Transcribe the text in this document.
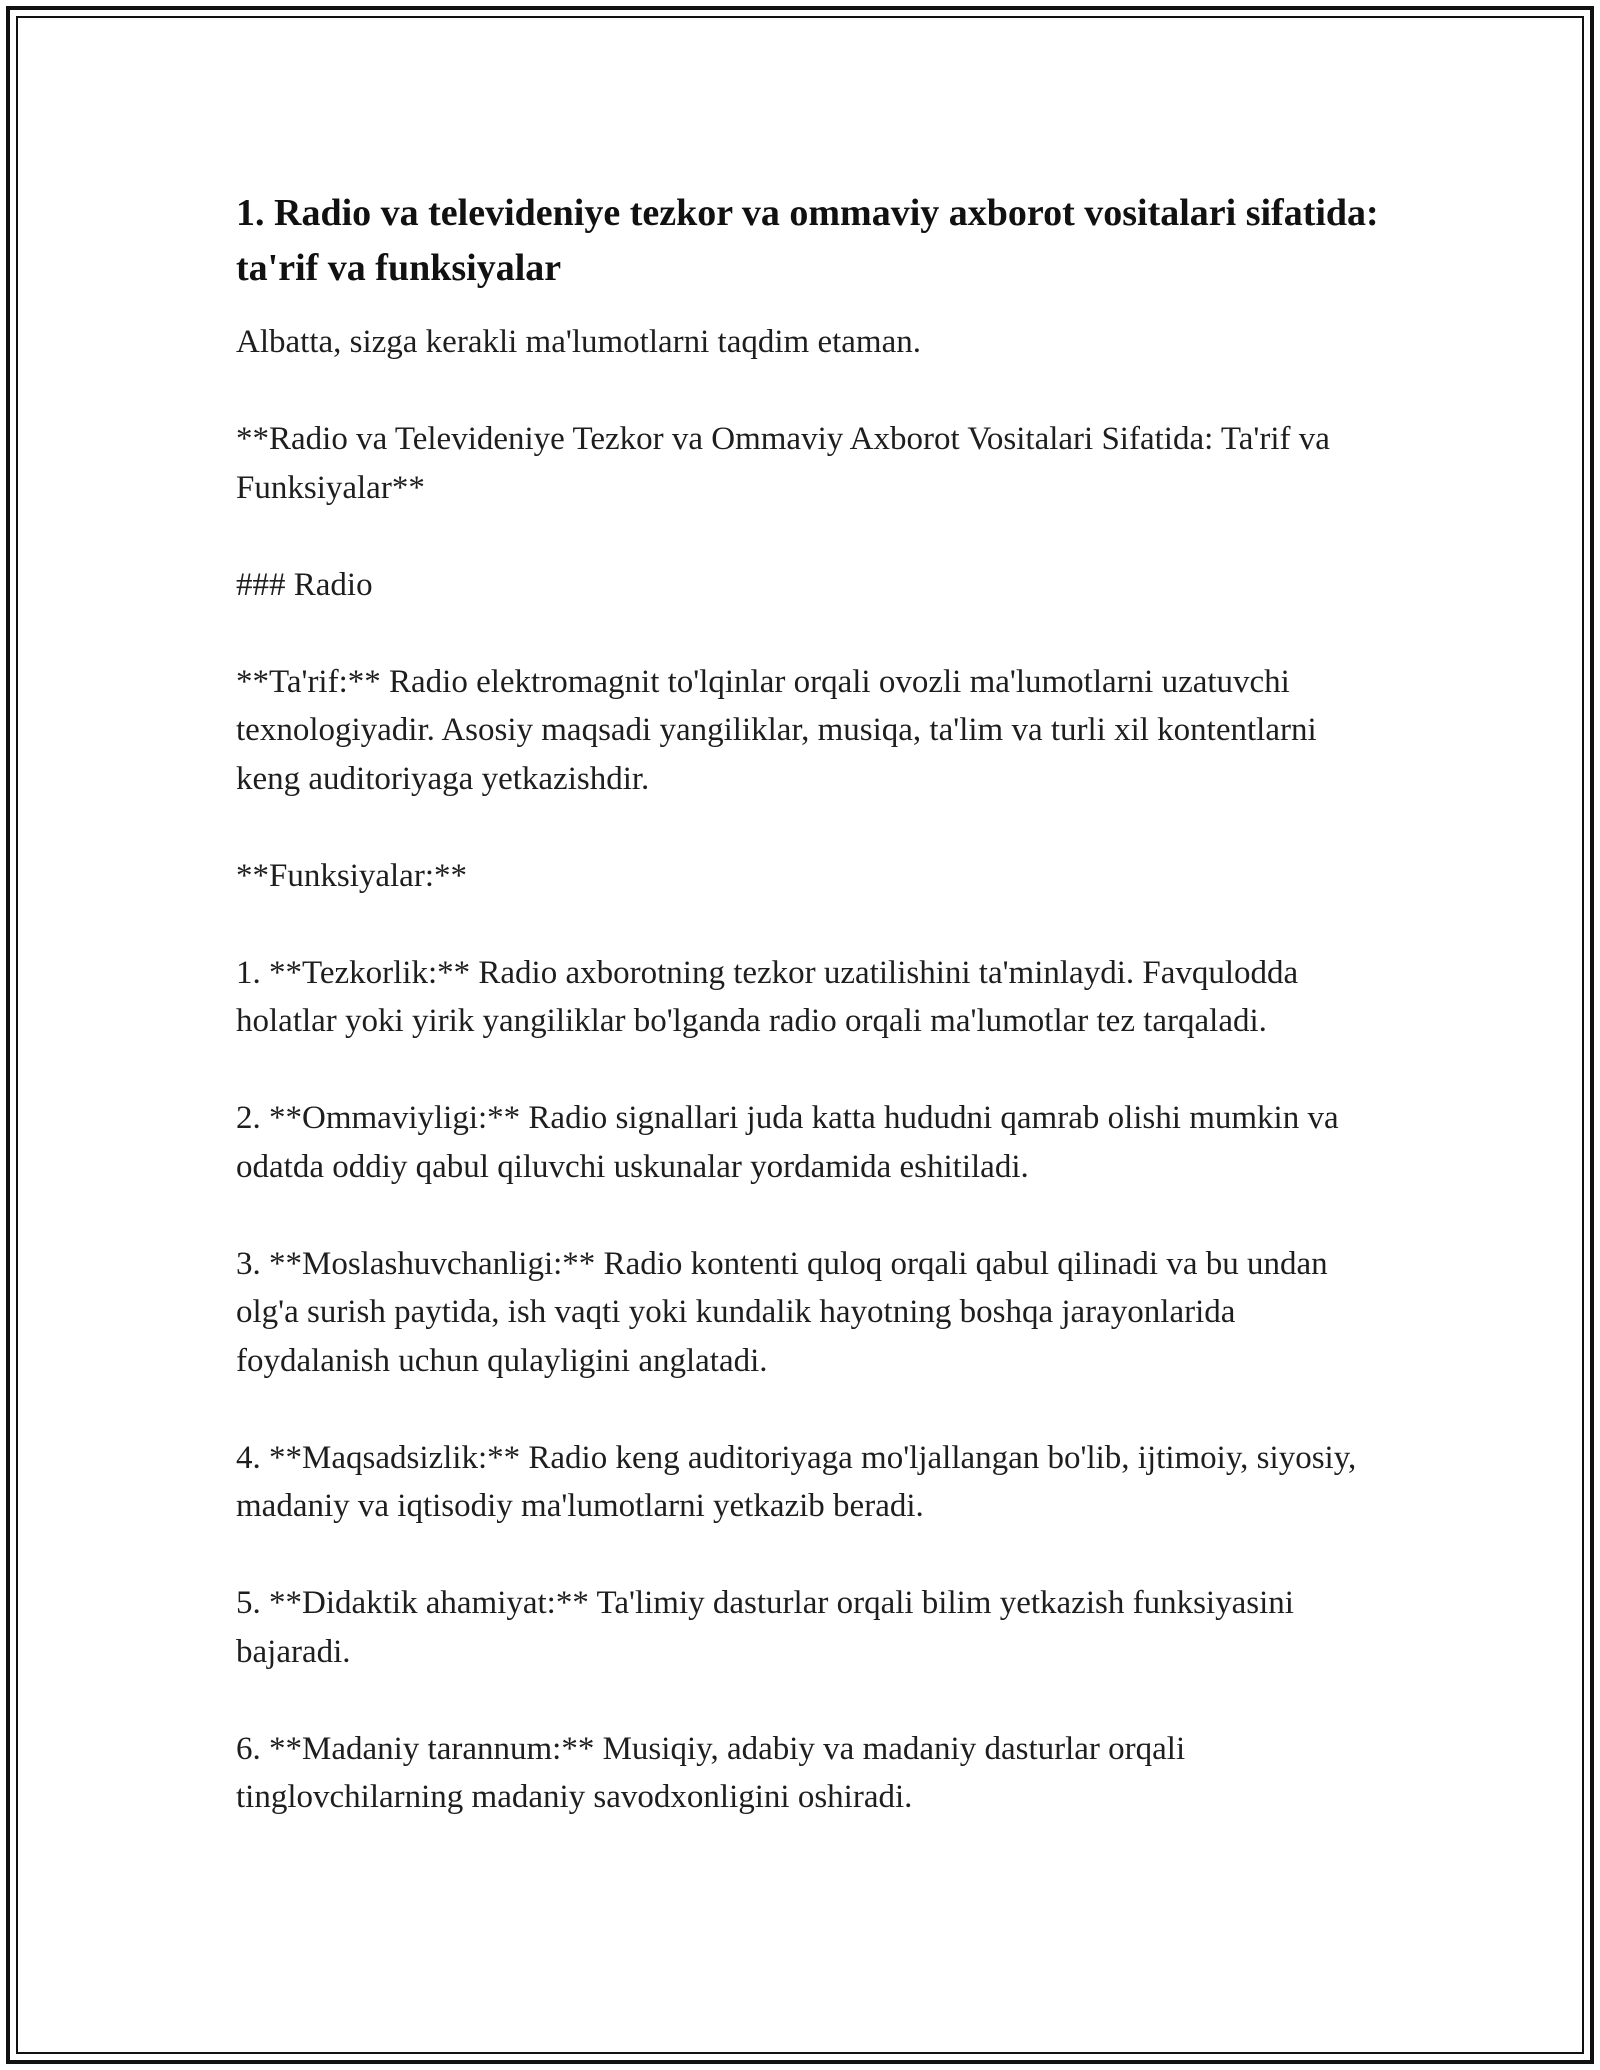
1. Radio va televideniye tezkor va ommaviy axborot vositalari sifatida: ta'rif va funksiyalar

Albatta, sizga kerakli ma'lumotlarni taqdim etaman.

**Radio va Televideniye Tezkor va Ommaviy Axborot Vositalari Sifatida: Ta'rif va Funksiyalar**

### Radio

**Ta'rif:** Radio elektromagnit to'lqinlar orqali ovozli ma'lumotlarni uzatuvchi texnologiyadir. Asosiy maqsadi yangiliklar, musiqa, ta'lim va turli xil kontentlarni keng auditoriyaga yetkazishdir.

**Funksiyalar:**

1. **Tezkorlik:** Radio axborotning tezkor uzatilishini ta'minlaydi. Favqulodda holatlar yoki yirik yangiliklar bo'lganda radio orqali ma'lumotlar tez tarqaladi.

2. **Ommaviyligi:** Radio signallari juda katta hududni qamrab olishi mumkin va odatda oddiy qabul qiluvchi uskunalar yordamida eshitiladi.

3. **Moslashuvchanligi:** Radio kontenti quloq orqali qabul qilinadi va bu undan olg'a surish paytida, ish vaqti yoki kundalik hayotning boshqa jarayonlarida foydalanish uchun qulayligini anglatadi.

4. **Maqsadsizlik:** Radio keng auditoriyaga mo'ljallangan bo'lib, ijtimoiy, siyosiy, madaniy va iqtisodiy ma'lumotlarni yetkazib beradi.

5. **Didaktik ahamiyat:** Ta'limiy dasturlar orqali bilim yetkazish funksiyasini bajaradi.

6. **Madaniy tarannum:** Musiqiy, adabiy va madaniy dasturlar orqali tinglovchilarning madaniy savodxonligini oshiradi.
